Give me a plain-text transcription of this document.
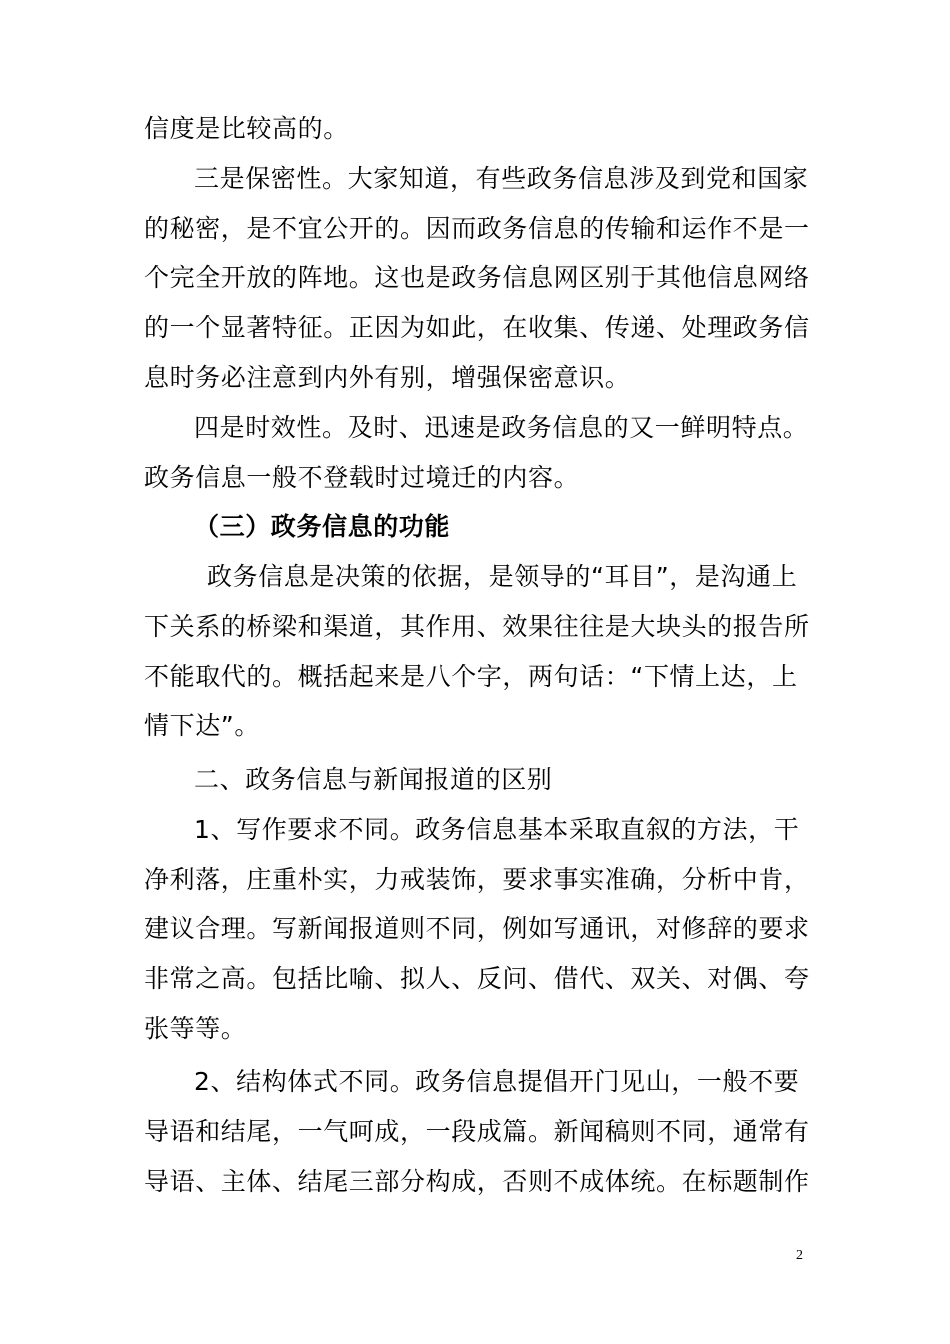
信度是比较高的。
三是保密性。大家知道，有些政务信息涉及到党和国家
的秘密，是不宜公开的。因而政务信息的传输和运作不是一
个完全开放的阵地。这也是政务信息网区别于其他信息网络
的一个显著特征。正因为如此，在收集、传递、处理政务信
息时务必注意到内外有别，增强保密意识。
四是时效性。及时、迅速是政务信息的又一鲜明特点。
政务信息一般不登载时过境迁的内容。
（三）政务信息的功能
政务信息是决策的依据，是领导的“耳目”，是沟通上
下关系的桥梁和渠道，其作用、效果往往是大块头的报告所
不能取代的。概括起来是八个字，两句话：“下情上达，上
情下达”。
二、政务信息与新闻报道的区别
1、写作要求不同。政务信息基本采取直叙的方法，干
净利落，庄重朴实，力戒装饰，要求事实准确，分析中肯，
建议合理。写新闻报道则不同，例如写通讯，对修辞的要求
非常之高。包括比喻、拟人、反问、借代、双关、对偶、夸
张等等。
2、结构体式不同。政务信息提倡开门见山，一般不要
导语和结尾，一气呵成，一段成篇。新闻稿则不同，通常有
导语、主体、结尾三部分构成，否则不成体统。在标题制作
2
